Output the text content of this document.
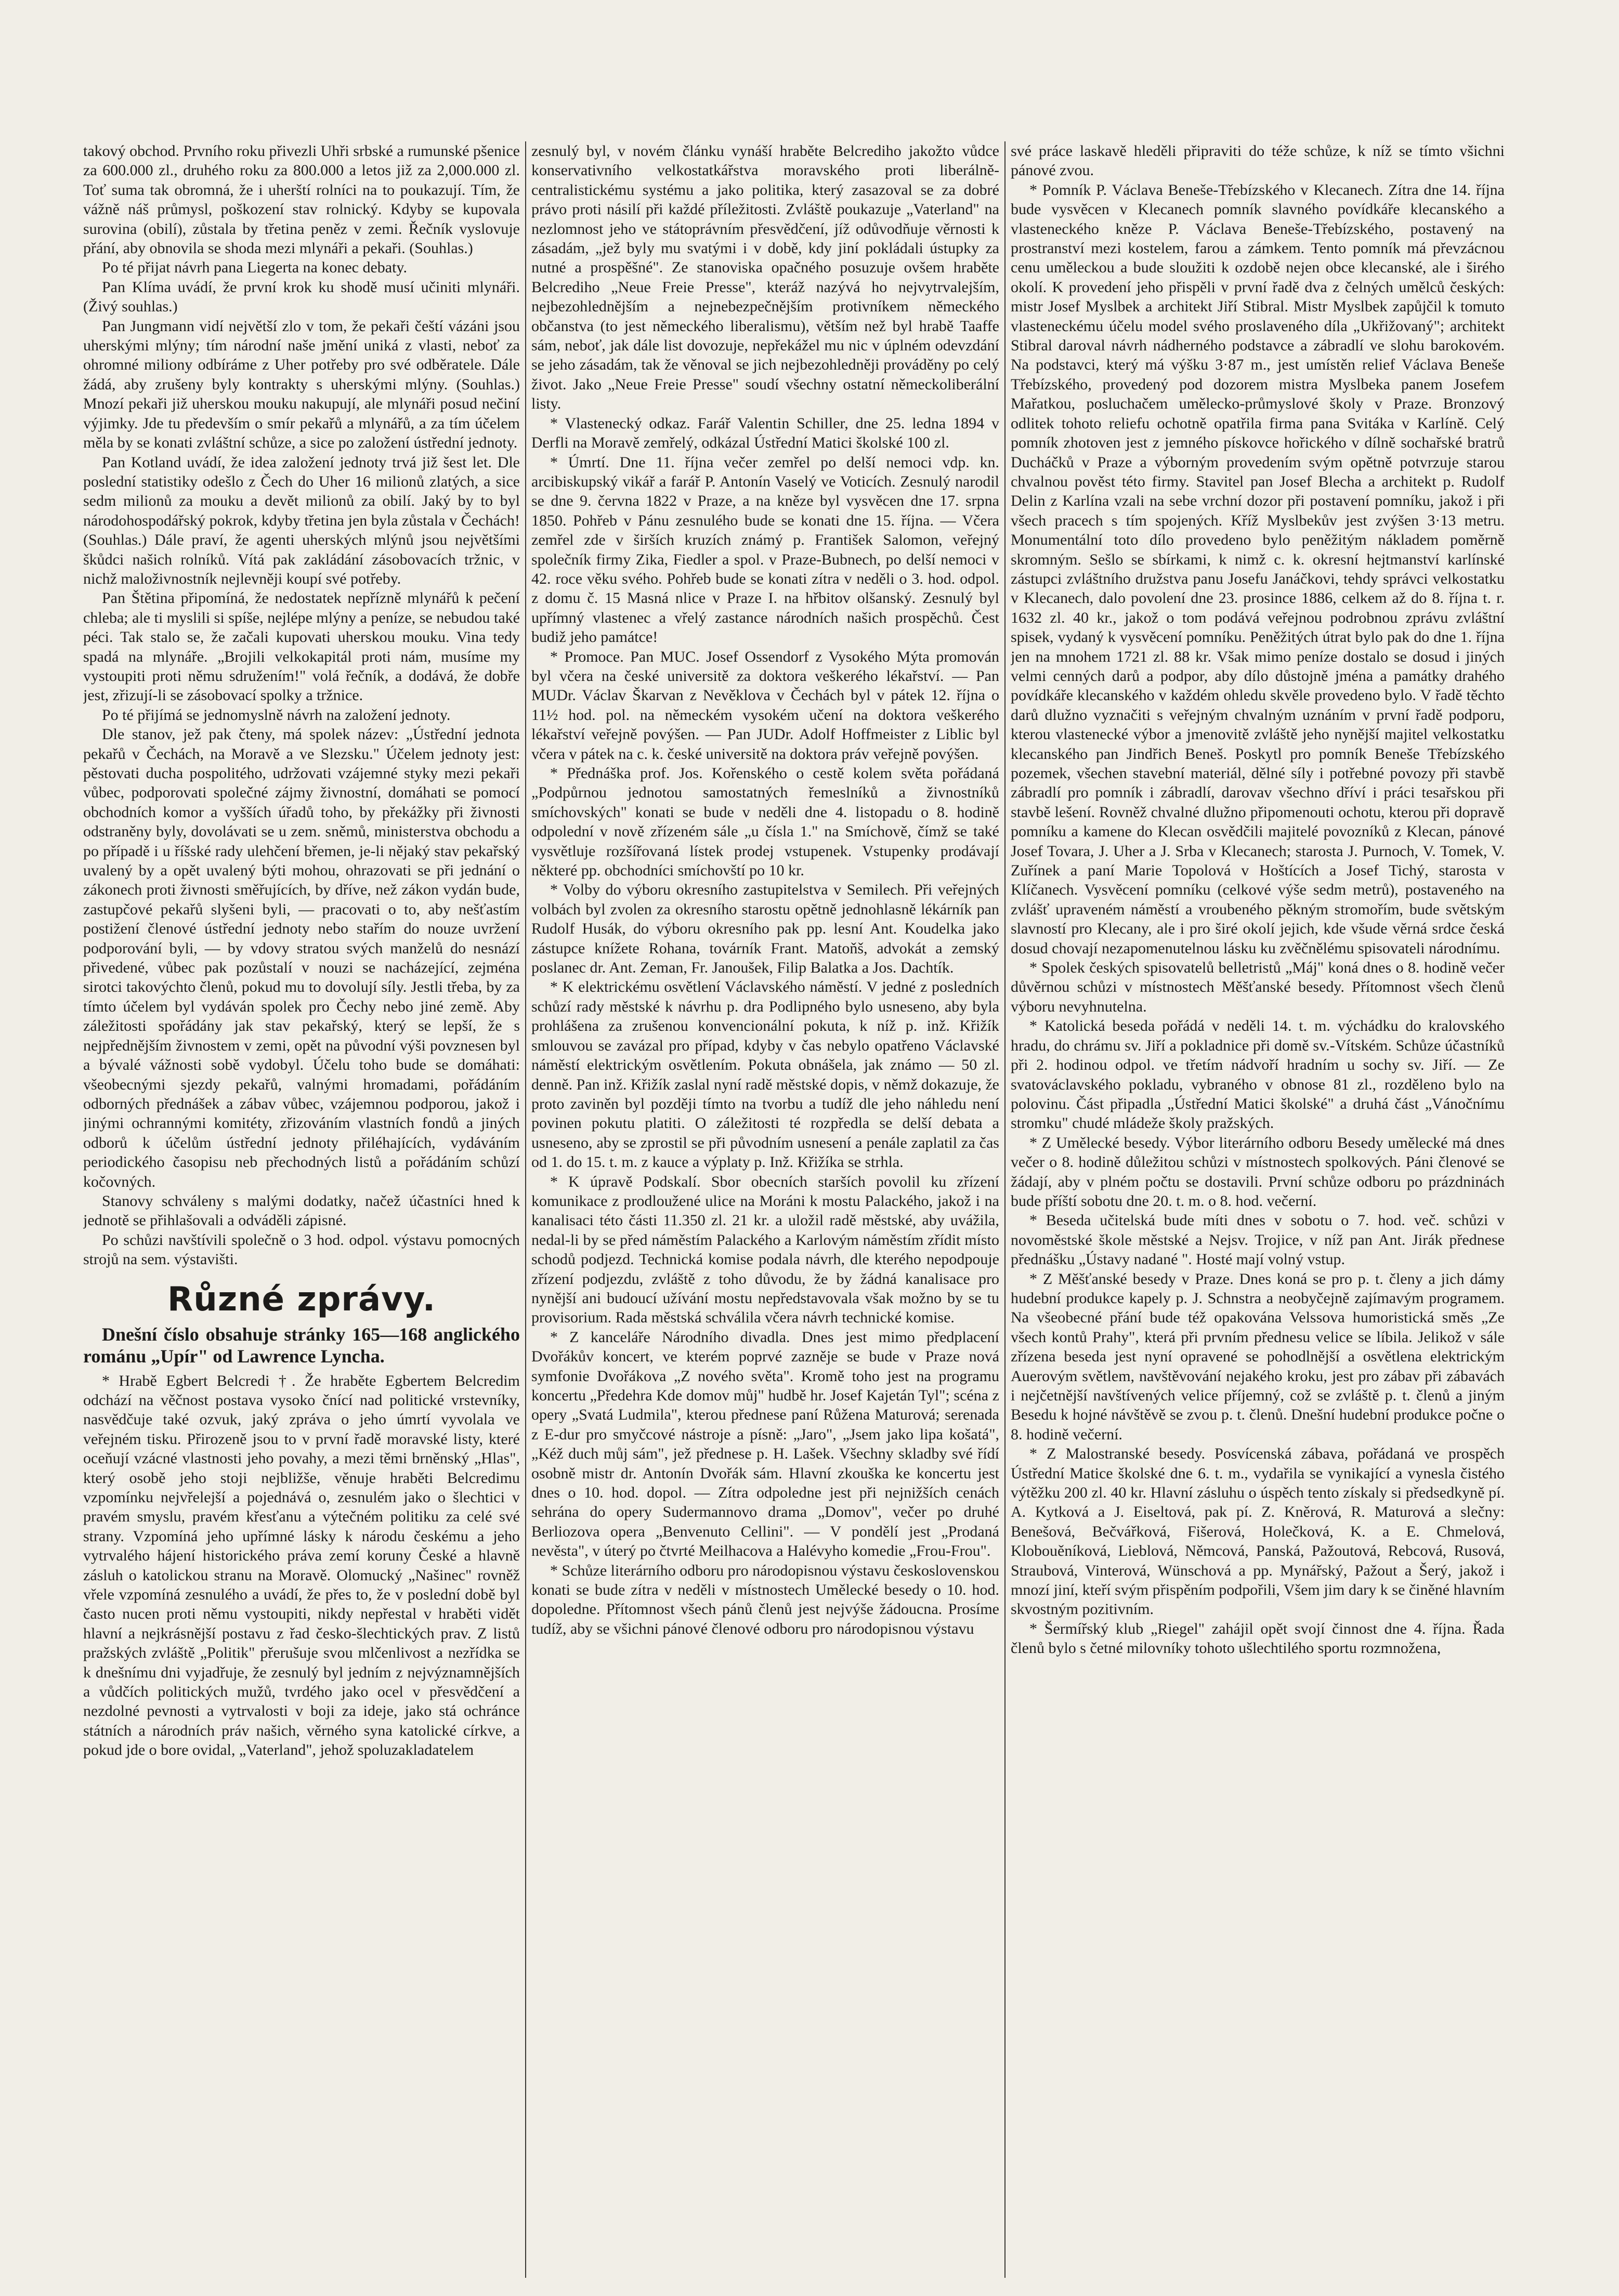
takový obchod. Prvního roku přivezli Uhři srbské a rumunské pšenice za 600.000 zl., druhého roku za 800.000 a letos již za 2,000.000 zl. Toť suma tak obromná, že i uherští rolníci na to poukazují. Tím, že vážně náš průmysl, poškození stav rolnický. Kdyby se kupovala surovina (obilí), zůstala by třetina peněz v zemi. Řečník vyslovuje přání, aby obnovila se shoda mezi mlynáři a pekaři. (Souhlas.)

Po té přijat návrh pana Liegerta na konec debaty.

Pan Klíma uvádí, že první krok ku shodě musí učiniti mlynáři. (Živý souhlas.)

Pan Jungmann vidí největší zlo v tom, že pekaři čeští vázáni jsou uherskými mlýny; tím národní naše jmění uniká z vlasti, neboť za ohromné miliony odbíráme z Uher potřeby pro své odběratele. Dále žádá, aby zrušeny byly kontrakty s uherskými mlýny. (Souhlas.) Mnozí pekaři již uherskou mouku nakupují, ale mlynáři posud nečiní výjimky. Jde tu především o smír pekařů a mlynářů, a za tím účelem měla by se konati zvláštní schůze, a sice po založení ústřední jednoty.

Pan Kotland uvádí, že idea založení jednoty trvá již šest let. Dle poslední statistiky odešlo z Čech do Uher 16 milionů zlatých, a sice sedm milionů za mouku a devět milionů za obilí. Jaký by to byl národohospodářský pokrok, kdyby třetina jen byla zůstala v Čechách! (Souhlas.) Dále praví, že agenti uherských mlýnů jsou největšími škůdci našich rolníků. Vítá pak zakládání zásobovacích tržnic, v nichž maloživnostník nejlevněji koupí své potřeby.

Pan Štětina připomíná, že nedostatek nepřízně mlynářů k pečení chleba; ale ti myslili si spíše, nejlépe mlýny a peníze, se nebudou také péci. Tak stalo se, že začali kupovati uherskou mouku. Vina tedy spadá na mlynáře. „Brojili velkokapitál proti nám, musíme my vystoupiti proti němu sdružením!" volá řečník, a dodává, že dobře jest, zřizují-li se zásobovací spolky a tržnice.

Po té přijímá se jednomyslně návrh na založení jednoty.

Dle stanov, jež pak čteny, má spolek název: „Ústřední jednota pekařů v Čechách, na Moravě a ve Slezsku." Účelem jednoty jest: pěstovati ducha pospolitého, udržovati vzájemné styky mezi pekaři vůbec, podporovati společné zájmy živnostní, domáhati se pomocí obchodních komor a vyšších úřadů toho, by překážky při živnosti odstraněny byly, dovolávati se u zem. sněmů, ministerstva obchodu a po případě i u říšské rady ulehčení břemen, je-li nějaký stav pekařský uvalený by a opět uvalený býti mohou, ohrazovati se při jednání o zákonech proti živnosti směřujících, by dříve, než zákon vydán bude, zastupčové pekařů slyšeni byli, — pracovati o to, aby nešťastím postižení členové ústřední jednoty nebo stařím do nouze uvržení podporování byli, — by vdovy stratou svých manželů do nesnází přivedené, vůbec pak pozůstalí v nouzi se nacházející, zejména sirotci takovýchto členů, pokud mu to dovolují síly. Jestli třeba, by za tímto účelem byl vydáván spolek pro Čechy nebo jiné země. Aby záležitosti spořádány jak stav pekařský, který se lepší, že s nejpřednějším živnostem v zemi, opět na původní výši povznesen byl a bývalé vážnosti sobě vydobyl. Účelu toho bude se domáhati: všeobecnými sjezdy pekařů, valnými hromadami, pořádáním odborných přednášek a zábav vůbec, vzájemnou podporou, jakož i jinými ochrannými komitéty, zřizováním vlastních fondů a jiných odborů k účelům ústřední jednoty přiléhajících, vydáváním periodického časopisu neb přechodných listů a pořádáním schůzí kočovných.

Stanovy schváleny s malými dodatky, načež účastníci hned k jednotě se přihlašovali a odváděli zápisné.

Po schůzi navštívili společně o 3 hod. odpol. výstavu pomocných strojů na sem. výstavišti.

Různé zprávy.

Dnešní číslo obsahuje stránky 165—168 anglického románu „Upír" od Lawrence Lyncha.

* Hrabě Egbert Belcredi †. Že hraběte Egbertem Belcredim odchází na věčnost postava vysoko čnící nad politické vrstevníky, nasvědčuje také ozvuk, jaký zpráva o jeho úmrtí vyvolala ve veřejném tisku. Přirozeně jsou to v první řadě moravské listy, které oceňují vzácné vlastnosti jeho povahy, a mezi těmi brněnský „Hlas", který osobě jeho stoji nejbližše, věnuje hraběti Belcredimu vzpomínku nejvřelejší a pojednává o, zesnulém jako o šlechtici v pravém smyslu, pravém křesťanu a výtečném politiku za celé své strany. Vzpomíná jeho upřímné lásky k národu českému a jeho vytrvalého hájení historického práva zemí koruny České a hlavně zásluh o katolickou stranu na Moravě. Olomucký „Našinec" rovněž vřele vzpomíná zesnulého a uvádí, že přes to, že v poslední době byl často nucen proti němu vystoupiti, nikdy nepřestal v hraběti vidět hlavní a nejkrásnější postavu z řad česko-šlechtických prav. Z listů pražských zvláště „Politik" přerušuje svou mlčenlivost a nezřídka se k dnešnímu dni vyjadřuje, že zesnulý byl jedním z nejvýznamnějších a vůdčích politických mužů, tvrdého jako ocel v přesvědčení a nezdolné pevnosti a vytrvalosti v boji za ideje, jako stá ochránce státních a národních práv našich, věrného syna katolické církve, a pokud jde o bore ovidal, „Vaterland", jehož spoluzakladatelem

zesnulý byl, v novém článku vynáší hraběte Belcrediho jakožto vůdce konservativního velkostatkářstva moravského proti liberálně-centralistickému systému a jako politika, který zasazoval se za dobré právo proti násilí při každé příležitosti. Zvláště poukazuje „Vaterland" na nezlomnost jeho ve státoprávním přesvědčení, jíž odůvodňuje věrnosti k zásadám, „jež byly mu svatými i v době, kdy jiní pokládali ústupky za nutné a prospěšné". Ze stanoviska opačného posuzuje ovšem hraběte Belcrediho „Neue Freie Presse", kteráž nazývá ho nejvytrvalejším, nejbezohlednějším a nejnebezpečnějším protivníkem německého občanstva (to jest německého liberalismu), větším než byl hrabě Taaffe sám, neboť, jak dále list dovozuje, nepřekážel mu nic v úplném odevzdání se jeho zásadám, tak že věnoval se jich nejbezohledněji prováděny po celý život. Jako „Neue Freie Presse" soudí všechny ostatní německoliberální listy.

* Vlastenecký odkaz. Farář Valentin Schiller, dne 25. ledna 1894 v Derfli na Moravě zemřelý, odkázal Ústřední Matici školské 100 zl.

* Úmrtí. Dne 11. října večer zemřel po delší nemoci vdp. kn. arcibiskupský vikář a farář P. Antonín Vaselý ve Voticích. Zesnulý narodil se dne 9. června 1822 v Praze, a na kněze byl vysvěcen dne 17. srpna 1850. Pohřeb v Pánu zesnulého bude se konati dne 15. října. — Včera zemřel zde v širších kruzích známý p. František Salomon, veřejný společník firmy Zika, Fiedler a spol. v Praze-Bubnech, po delší nemoci v 42. roce věku svého. Pohřeb bude se konati zítra v neděli o 3. hod. odpol. z domu č. 15 Masná nlice v Praze I. na hřbitov olšanský. Zesnulý byl upřímný vlastenec a vřelý zastance národních našich prospěchů. Čest budiž jeho památce!

* Promoce. Pan MUC. Josef Ossendorf z Vysokého Mýta promován byl včera na české universitě za doktora veškerého lékařství. — Pan MUDr. Václav Škarvan z Nevěklova v Čechách byl v pátek 12. října o 11½ hod. pol. na německém vysokém učení na doktora veškerého lékařství veřejně povýšen. — Pan JUDr. Adolf Hoffmeister z Liblic byl včera v pátek na c. k. české universitě na doktora práv veřejně povýšen.

* Přednáška prof. Jos. Kořenského o cestě kolem světa pořádaná „Podpůrnou jednotou samostatných řemeslníků a živnostníků smíchovských" konati se bude v neděli dne 4. listopadu o 8. hodině odpolední v nově zřízeném sále „u čísla 1." na Smíchově, čímž se také vysvětluje rozšířovaná lístek prodej vstupenek. Vstupenky prodávají některé pp. obchodníci smíchovští po 10 kr.

* Volby do výboru okresního zastupitelstva v Semilech. Při veřejných volbách byl zvolen za okresního starostu opětně jednohlasně lékárník pan Rudolf Husák, do výboru okresního pak pp. lesní Ant. Koudelka jako zástupce knížete Rohana, továrník Frant. Matoňš, advokát a zemský poslanec dr. Ant. Zeman, Fr. Janoušek, Filip Balatka a Jos. Dachtík.

* K elektrickému osvětlení Václavského náměstí. V jedné z posledních schůzí rady městské k návrhu p. dra Podlipného bylo usneseno, aby byla prohlášena za zrušenou konvencionální pokuta, k níž p. inž. Křižík smlouvou se zavázal pro případ, kdyby v čas nebylo opatřeno Václavské náměstí elektrickým osvětlením. Pokuta obnášela, jak známo — 50 zl. denně. Pan inž. Křižík zaslal nyní radě městské dopis, v němž dokazuje, že proto zaviněn byl později tímto na tvorbu a tudíž dle jeho náhledu není povinen pokutu platiti. O záležitosti té rozpředla se delší debata a usneseno, aby se zprostil se při původním usnesení a penále zaplatil za čas od 1. do 15. t. m. z kauce a výplaty p. Inž. Křižíka se strhla.

* K úpravě Podskalí. Sbor obecních starších povolil ku zřízení komunikace z prodloužené ulice na Moráni k mostu Palackého, jakož i na kanalisaci této části 11.350 zl. 21 kr. a uložil radě městské, aby uvážila, nedal-li by se před náměstím Palackého a Karlovým náměstím zřídit místo schodů podjezd. Technická komise podala návrh, dle kterého nepodpouje zřízení podjezdu, zvláště z toho důvodu, že by žádná kanalisace pro nynější ani budoucí užívání mostu nepředstavovala však možno by se tu provisorium. Rada městská schválila včera návrh technické komise.

* Z kanceláře Národního divadla. Dnes jest mimo předplacení Dvořákův koncert, ve kterém poprvé zazněje se bude v Praze nová symfonie Dvořákova „Z nového světa". Kromě toho jest na programu koncertu „Předehra Kde domov můj" hudbě hr. Josef Kajetán Tyl"; scéna z opery „Svatá Ludmila", kterou přednese paní Růžena Maturová; serenada z E-dur pro smyčcové nástroje a písně: „Jaro", „Jsem jako lipa košatá", „Kéž duch můj sám", jež přednese p. H. Lašek. Všechny skladby své řídí osobně mistr dr. Antonín Dvořák sám. Hlavní zkouška ke koncertu jest dnes o 10. hod. dopol. — Zítra odpoledne jest při nejnižších cenách sehrána do opery Sudermannovo drama „Domov", večer po druhé Berliozova opera „Benvenuto Cellini". — V pondělí jest „Prodaná nevěsta", v úterý po čtvrté Meilhacova a Halévyho komedie „Frou-Frou".

* Schůze literárního odboru pro národopisnou výstavu československou konati se bude zítra v neděli v místnostech Umělecké besedy o 10. hod. dopoledne. Přítomnost všech pánů členů jest nejvýše žádoucna. Prosíme tudíž, aby se všichni pánové členové odboru pro národopisnou výstavu

své práce laskavě hleděli připraviti do téže schůze, k níž se tímto všichni pánové zvou.

* Pomník P. Václava Beneše-Třebízského v Klecanech. Zítra dne 14. října bude vysvěcen v Klecanech pomník slavného povídkáře klecanského a vlasteneckého kněze P. Václava Beneše-Třebízského, postavený na prostranství mezi kostelem, farou a zámkem. Tento pomník má převzácnou cenu uměleckou a bude sloužiti k ozdobě nejen obce klecanské, ale i širého okolí. K provedení jeho přispěli v první řadě dva z čelných umělců českých: mistr Josef Myslbek a architekt Jiří Stibral. Mistr Myslbek zapůjčil k tomuto vlasteneckému účelu model svého proslaveného díla „Ukřižovaný"; architekt Stibral daroval návrh nádherného podstavce a zábradlí ve slohu barokovém. Na podstavci, který má výšku 3·87 m., jest umístěn relief Václava Beneše Třebízského, provedený pod dozorem mistra Myslbeka panem Josefem Mařatkou, posluchačem umělecko-průmyslové školy v Praze. Bronzový odlitek tohoto reliefu ochotně opatřila firma pana Svitáka v Karlíně. Celý pomník zhotoven jest z jemného pískovce hořického v dílně sochařské bratrů Ducháčků v Praze a výborným provedením svým opětně potvrzuje starou chvalnou pověst této firmy. Stavitel pan Josef Blecha a architekt p. Rudolf Delin z Karlína vzali na sebe vrchní dozor při postavení pomníku, jakož i při všech pracech s tím spojených. Kříž Myslbekův jest zvýšen 3·13 metru. Monumentální toto dílo provedeno bylo peněžitým nákladem poměrně skromným. Sešlo se sbírkami, k nimž c. k. okresní hejtmanství karlínské zástupci zvláštního družstva panu Josefu Janáčkovi, tehdy správci velkostatku v Klecanech, dalo povolení dne 23. prosince 1886, celkem až do 8. října t. r. 1632 zl. 40 kr., jakož o tom podává veřejnou podrobnou zprávu zvláštní spisek, vydaný k vysvěcení pomníku. Peněžitých útrat bylo pak do dne 1. října jen na mnohem 1721 zl. 88 kr. Však mimo peníze dostalo se dosud i jiných velmi cenných darů a podpor, aby dílo důstojně jména a památky drahého povídkáře klecanského v každém ohledu skvěle provedeno bylo. V řadě těchto darů dlužno vyznačiti s veřejným chvalným uznáním v první řadě podporu, kterou vlastenecké výbor a jmenovitě zvláště jeho nynější majitel velkostatku klecanského pan Jindřich Beneš. Poskytl pro pomník Beneše Třebízského pozemek, všechen stavební materiál, dělné síly i potřebné povozy při stavbě zábradlí pro pomník i zábradlí, darovav všechno dříví i práci tesařskou při stavbě lešení. Rovněž chvalné dlužno připomenouti ochotu, kterou při dopravě pomníku a kamene do Klecan osvědčili majitelé povozníků z Klecan, pánové Josef Tovara, J. Uher a J. Srba v Klecanech; starosta J. Purnoch, V. Tomek, V. Zuřínek a paní Marie Topolová v Hoštících a Josef Tichý, starosta v Klíčanech. Vysvěcení pomníku (celkové výše sedm metrů), postaveného na zvlášť upraveném náměstí a vroubeného pěkným stromořím, bude světským slavností pro Klecany, ale i pro širé okolí jejich, kde všude věrná srdce česká dosud chovají nezapomenutelnou lásku ku zvěčnělému spisovateli národnímu.

* Spolek českých spisovatelů belletristů „Máj" koná dnes o 8. hodině večer důvěrnou schůzi v místnostech Měšťanské besedy. Přítomnost všech členů výboru nevyhnutelna.

* Katolická beseda pořádá v neděli 14. t. m. výchádku do kralovského hradu, do chrámu sv. Jiří a pokladnice při domě sv.-Vítském. Schůze účastníků při 2. hodinou odpol. ve třetím nádvoří hradním u sochy sv. Jiří. — Ze svatováclavského pokladu, vybraného v obnose 81 zl., rozděleno bylo na polovinu. Část připadla „Ústřední Matici školské" a druhá část „Vánočnímu stromku" chudé mládeže školy pražských.

* Z Umělecké besedy. Výbor literárního odboru Besedy umělecké má dnes večer o 8. hodině důležitou schůzi v místnostech spolkových. Páni členové se žádají, aby v plném počtu se dostavili. První schůze odboru po prázdninách bude příští sobotu dne 20. t. m. o 8. hod. večerní.

* Beseda učitelská bude míti dnes v sobotu o 7. hod. več. schůzi v novoměstské škole městské a Nejsv. Trojice, v níž pan Ant. Jirák přednese přednášku „Ústavy nadané ". Hosté mají volný vstup.

* Z Měšťanské besedy v Praze. Dnes koná se pro p. t. členy a jich dámy hudební produkce kapely p. J. Schnstra a neobyčejně zajímavým programem. Na všeobecné přání bude též opakována Velssova humoristická směs „Ze všech kontů Prahy", která při prvním přednesu velice se líbila. Jelikož v sále zřízena beseda jest nyní opravené se pohodlnější a osvětlena elektrickým Auerovým světlem, navštěvování nejakého kroku, jest pro zábav při zábavách i nejčetnější navštívených velice příjemný, což se zvláště p. t. členů a jiným Besedu k hojné návštěvě se zvou p. t. členů. Dnešní hudební produkce počne o 8. hodině večerní.

* Z Malostranské besedy. Posvícenská zábava, pořádaná ve prospěch Ústřední Matice školské dne 6. t. m., vydařila se vynikající a vynesla čistého výtěžku 200 zl. 40 kr. Hlavní zásluhu o úspěch tento získaly si předsedkyně pí. A. Kytková a J. Eiseltová, pak pí. Z. Kněrová, R. Maturová a slečny: Benešová, Bečvářková, Fišerová, Holečková, K. a E. Chmelová, Klobouěníková, Lieblová, Němcová, Panská, Pažoutová, Rebcová, Rusová, Straubová, Vinterová, Wünschová a pp. Mynářský, Pažout a Šerý, jakož i mnozí jiní, kteří svým přispěním podpořili, Všem jim dary k se činěné hlavním skvostným pozitivním.

* Šermířský klub „Riegel" zahájil opět svojí činnost dne 4. října. Řada členů bylo s četné milovníky tohoto ušlechtilého sportu rozmnožena,
